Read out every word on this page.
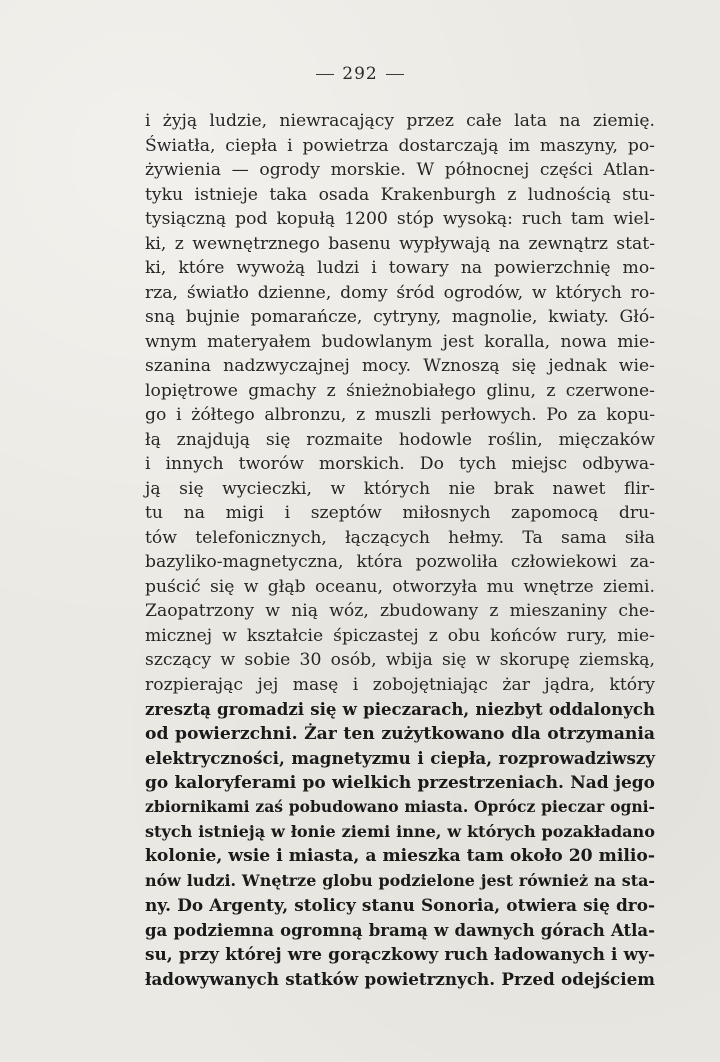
292
i żyją ludzie, niewracający przez całe lata na ziemię.
Światła, ciepła i powietrza dostarczają im maszyny, po-
żywienia — ogrody morskie. W północnej części Atlan-
tyku istnieje taka osada Krakenburgh z ludnością stu-
tysiączną pod kopułą 1200 stóp wysoką: ruch tam wiel-
ki, z wewnętrznego basenu wypływają na zewnątrz stat-
ki, które wywożą ludzi i towary na powierzchnię mo-
rza, światło dzienne, domy śród ogrodów, w których ro-
sną bujnie pomarańcze, cytryny, magnolie, kwiaty. Głó-
wnym materyałem budowlanym jest koralla, nowa mie-
szanina nadzwyczajnej mocy. Wznoszą się jednak wie-
lopiętrowe gmachy z śnieżnobiałego glinu, z czerwone-
go i żółtego albronzu, z muszli perłowych. Po za kopu-
łą znajdują się rozmaite hodowle roślin, mięczaków
i innych tworów morskich. Do tych miejsc odbywa-
ją się wycieczki, w których nie brak nawet flir-
tu na migi i szeptów miłosnych zapomocą dru-
tów telefonicznych, łączących hełmy. Ta sama siła
bazyliko-magnetyczna, która pozwoliła człowiekowi za-
puścić się w głąb oceanu, otworzyła mu wnętrze ziemi.
Zaopatrzony w nią wóz, zbudowany z mieszaniny che-
micznej w kształcie śpiczastej z obu końców rury, mie-
szczący w sobie 30 osób, wbija się w skorupę ziemską,
rozpierając jej masę i zobojętniając żar jądra, który
zresztą gromadzi się w pieczarach, niezbyt oddalonych
od powierzchni. Żar ten zużytkowano dla otrzymania
elektryczności, magnetyzmu i ciepła, rozprowadziwszy
go kaloryferami po wielkich przestrzeniach. Nad jego
zbiornikami zaś pobudowano miasta. Oprócz pieczar ogni-
stych istnieją w łonie ziemi inne, w których pozakładano
kolonie, wsie i miasta, a mieszka tam około 20 milio-
nów ludzi. Wnętrze globu podzielone jest również na sta-
ny. Do Argenty, stolicy stanu Sonoria, otwiera się dro-
ga podziemna ogromną bramą w dawnych górach Atla-
su, przy której wre gorączkowy ruch ładowanych i wy-
ładowywanych statków powietrznych. Przed odejściem
